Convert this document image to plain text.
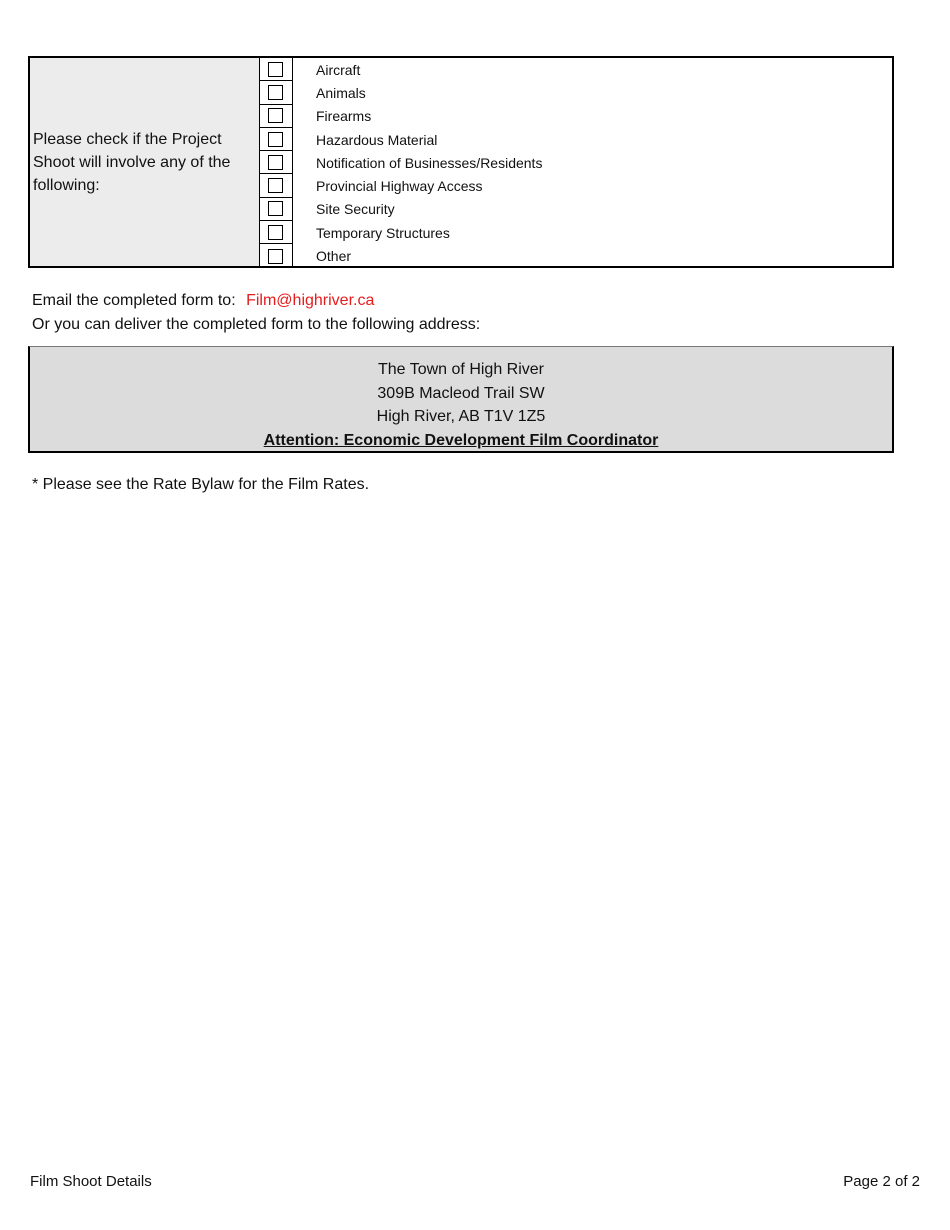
Please check if the Project Shoot will involve any of the following:
Aircraft
Animals
Firearms
Hazardous Material
Notification of Businesses/Residents
Provincial Highway Access
Site Security
Temporary Structures
Other
Email the completed form to: Film@highriver.ca
Or you can deliver the completed form to the following address:
The Town of High River
309B Macleod Trail SW
High River, AB T1V 1Z5
Attention: Economic Development Film Coordinator
* Please see the Rate Bylaw for the Film Rates.
Film Shoot Details	Page 2 of 2
